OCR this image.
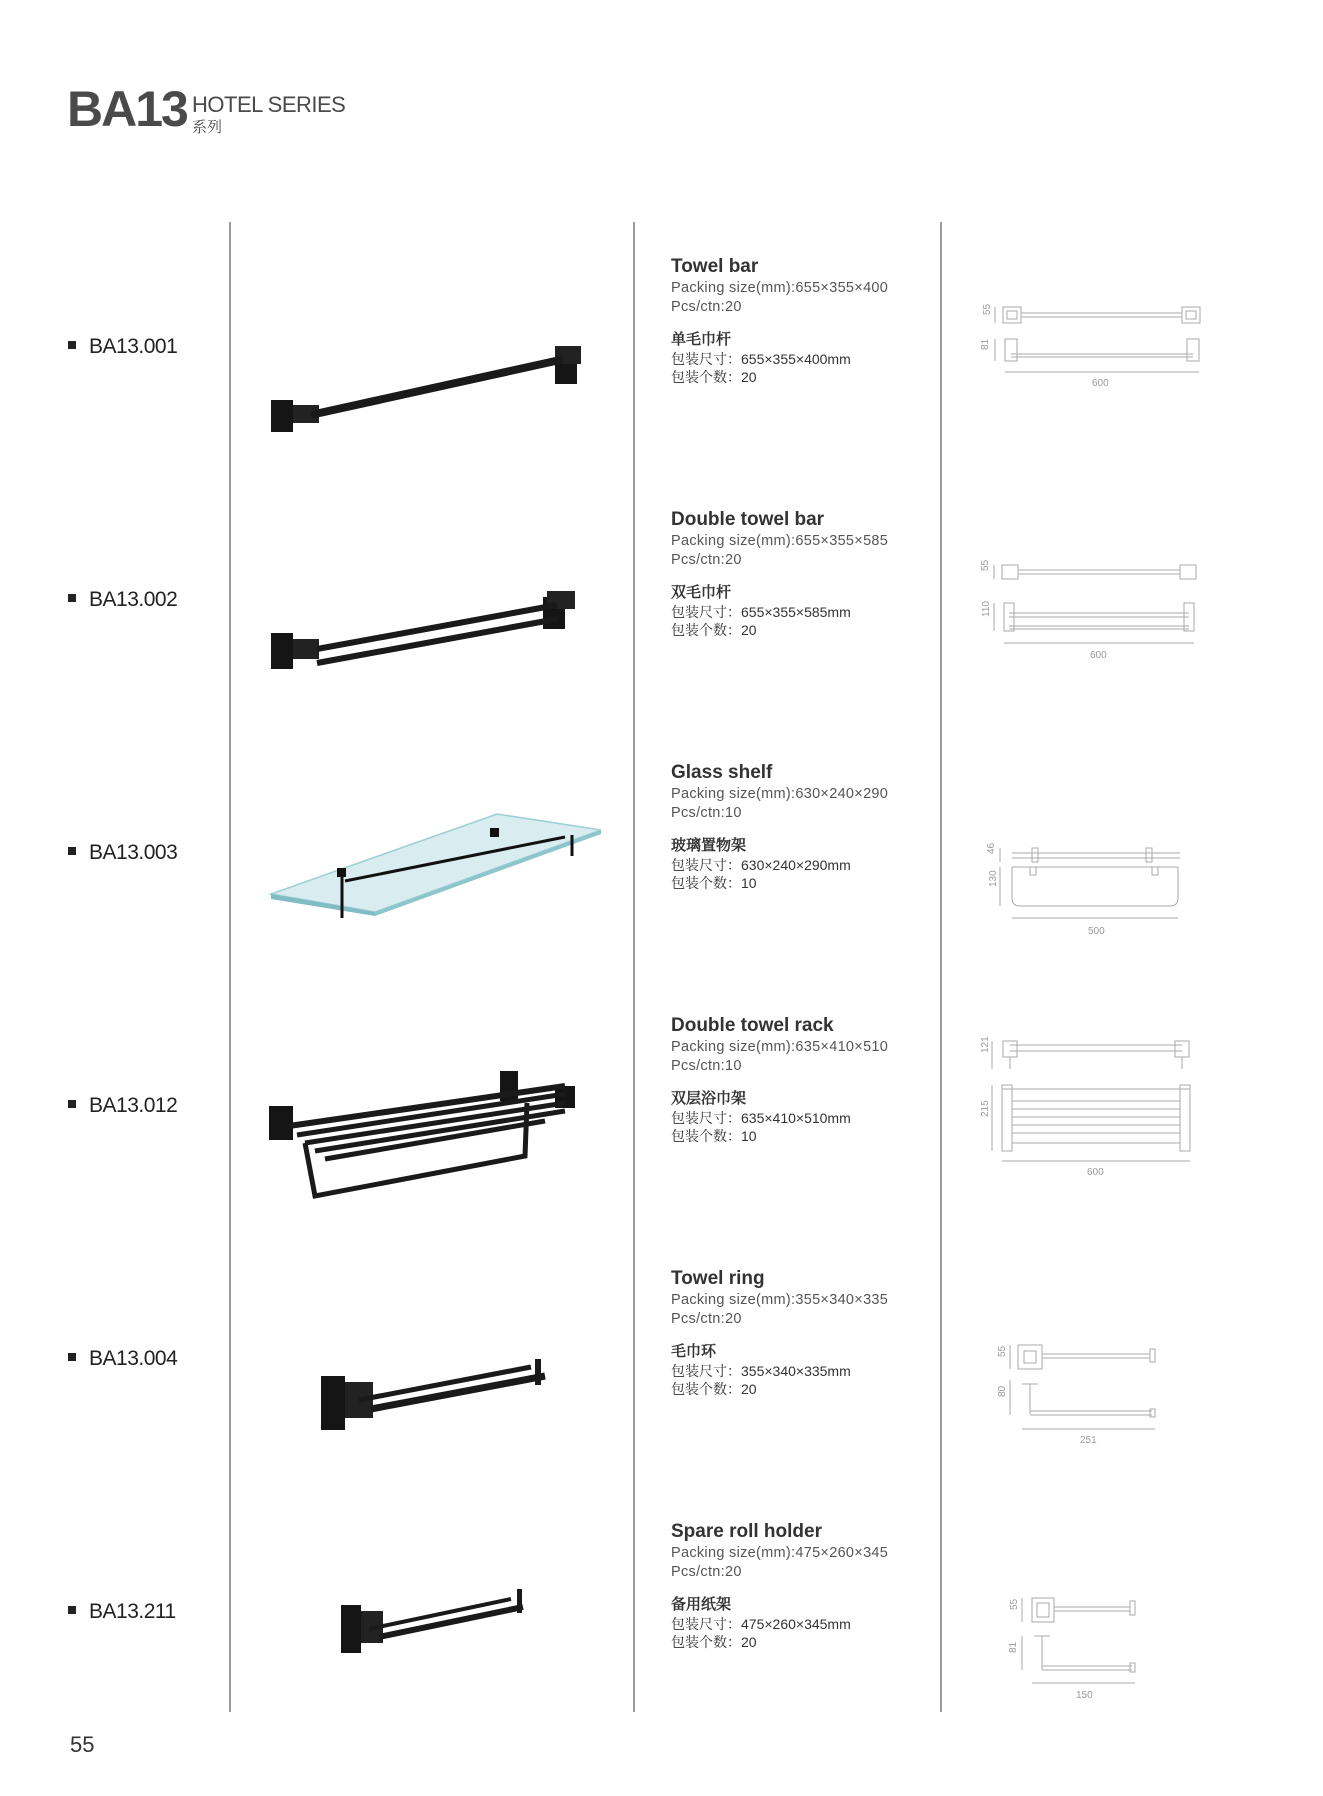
BA13 HOTEL SERIES
系列
BA13.001
Towel bar
Packing size(mm):655×355×400
Pcs/ctn:20
单毛巾杆
包装尺寸：655×355×400mm
包装个数：20
55
81
600
BA13.002
Double towel bar
Packing size(mm):655×355×585
Pcs/ctn:20
双毛巾杆
包装尺寸：655×355×585mm
包装个数：20
55
110
600
BA13.003
Glass shelf
Packing size(mm):630×240×290
Pcs/ctn:10
玻璃置物架
包装尺寸：630×240×290mm
包装个数：10
46
130
500
BA13.012
Double towel rack
Packing size(mm):635×410×510
Pcs/ctn:10
双层浴巾架
包装尺寸：635×410×510mm
包装个数：10
121
215
600
BA13.004
Towel ring
Packing size(mm):355×340×335
Pcs/ctn:20
毛巾环
包装尺寸：355×340×335mm
包装个数：20
55
80
251
BA13.211
Spare roll holder
Packing size(mm):475×260×345
Pcs/ctn:20
备用纸架
包装尺寸：475×260×345mm
包装个数：20
55
81
150
55
